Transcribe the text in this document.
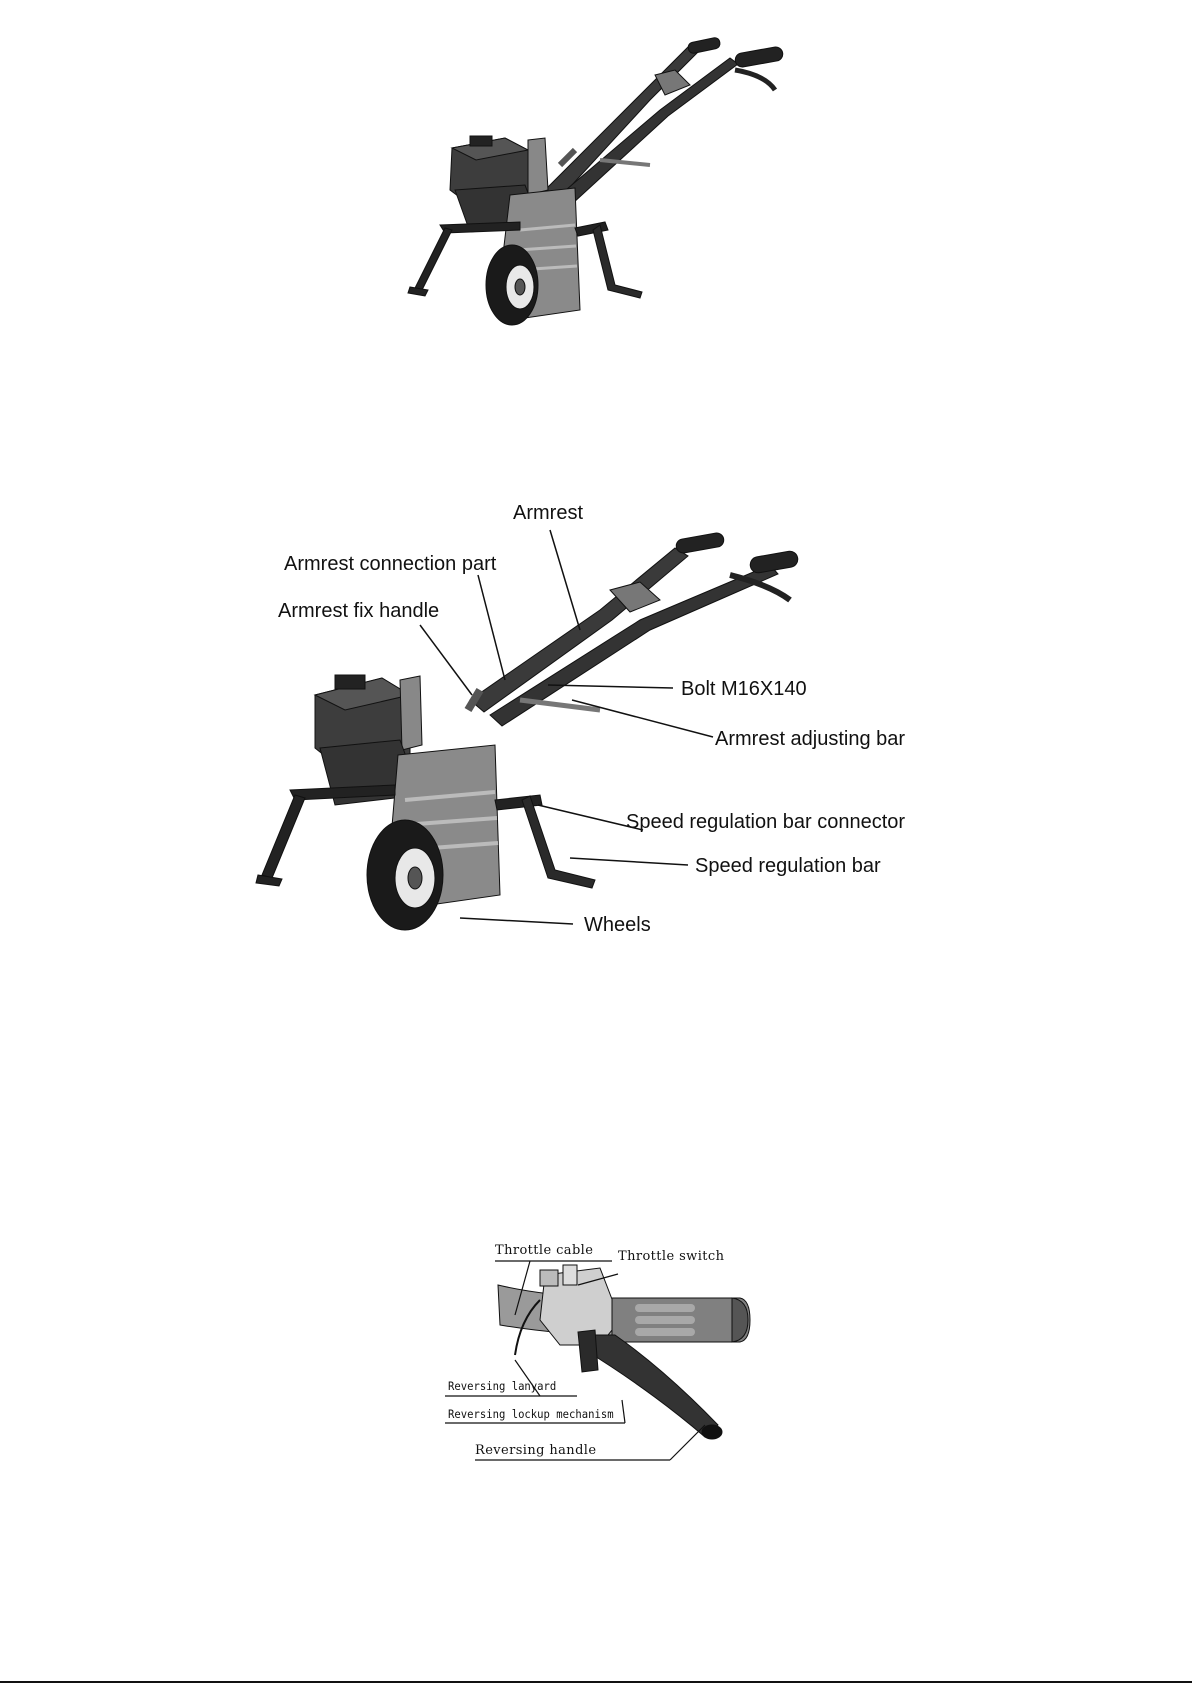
Armrest
Armrest connection part
Armrest fix handle
Bolt M16X140
Armrest adjusting bar
Speed regulation bar connector
Speed regulation bar
Wheels
Throttle cable Throttle switch
Reversing lanyard
Reversing lockup mechanism
Reversing handle
